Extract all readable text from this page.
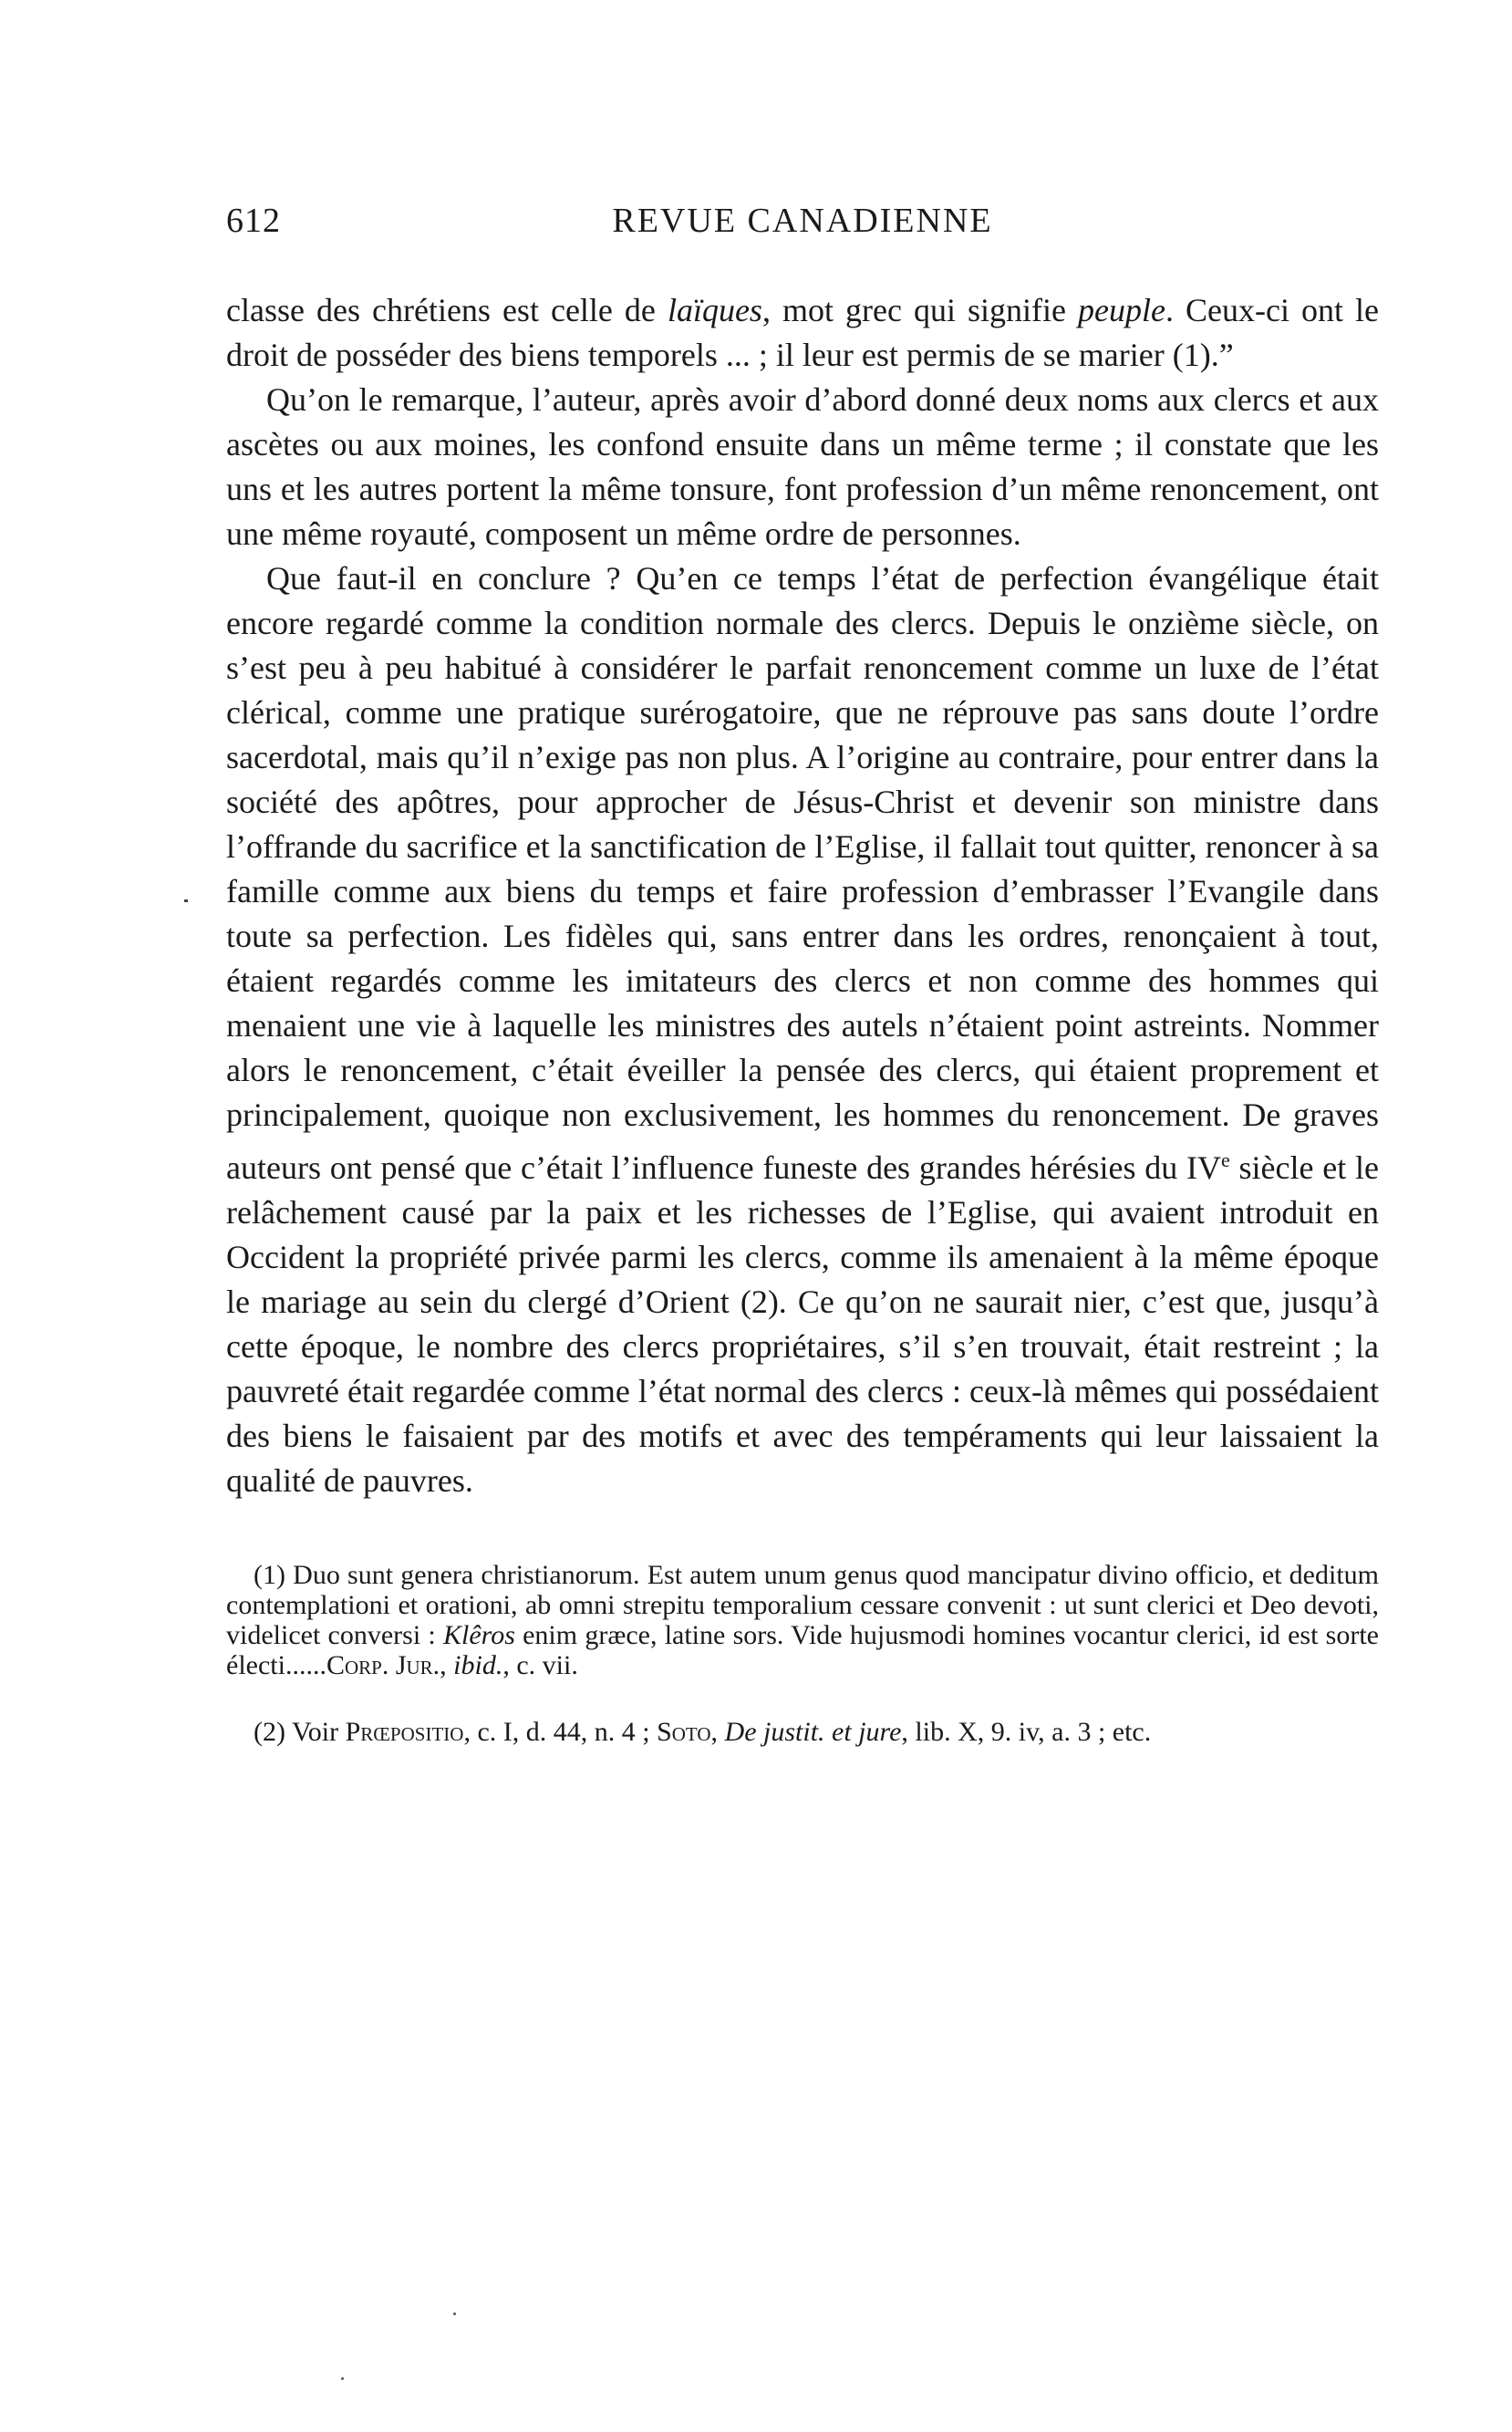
612	REVUE CANADIENNE

classe des chrétiens est celle de laïques, mot grec qui signifie peuple. Ceux-ci ont le droit de posséder des biens temporels ... ; il leur est permis de se marier (1).”

Qu’on le remarque, l’auteur, après avoir d’abord donné deux noms aux clercs et aux ascètes ou aux moines, les confond ensuite dans un même terme ; il constate que les uns et les autres portent la même tonsure, font profession d’un même renoncement, ont une même royauté, composent un même ordre de personnes.

Que faut-il en conclure ? Qu’en ce temps l’état de perfection évangélique était encore regardé comme la condition normale des clercs. Depuis le onzième siècle, on s’est peu à peu habitué à considérer le parfait renoncement comme un luxe de l’état clérical, comme une pratique surérogatoire, que ne réprouve pas sans doute l’ordre sacerdotal, mais qu’il n’exige pas non plus. A l’origine au contraire, pour entrer dans la société des apôtres, pour approcher de Jésus-Christ et devenir son ministre dans l’offrande du sacrifice et la sanctification de l’Eglise, il fallait tout quitter, renoncer à sa famille comme aux biens du temps et faire profession d’embrasser l’Evangile dans toute sa perfection. Les fidèles qui, sans entrer dans les ordres, renonçaient à tout, étaient regardés comme les imitateurs des clercs et non comme des hommes qui menaient une vie à laquelle les ministres des autels n’étaient point astreints. Nommer alors le renoncement, c’était éveiller la pensée des clercs, qui étaient proprement et principalement, quoique non exclusivement, les hommes du renoncement. De graves auteurs ont pensé que c’était l’influence funeste des grandes hérésies du IVe siècle et le relâchement causé par la paix et les richesses de l’Eglise, qui avaient introduit en Occident la propriété privée parmi les clercs, comme ils amenaient à la même époque le mariage au sein du clergé d’Orient (2). Ce qu’on ne saurait nier, c’est que, jusqu’à cette époque, le nombre des clercs propriétaires, s’il s’en trouvait, était restreint ; la pauvreté était regardée comme l’état normal des clercs : ceux-là mêmes qui possédaient des biens le faisaient par des motifs et avec des tempéraments qui leur laissaient la qualité de pauvres.

(1) Duo sunt genera christianorum. Est autem unum genus quod mancipatur divino officio, et deditum contemplationi et orationi, ab omni strepitu temporalium cessare convenit : ut sunt clerici et Deo devoti, videlicet conversi : Klêros enim græce, latine sors. Vide hujusmodi homines vocantur clerici, id est sorte électi......Corp. Jur., ibid., c. vii.

(2) Voir Prœpositio, c. I, d. 44, n. 4 ; Soto, De justit. et jure, lib. X, 9. iv, a. 3 ; etc.
